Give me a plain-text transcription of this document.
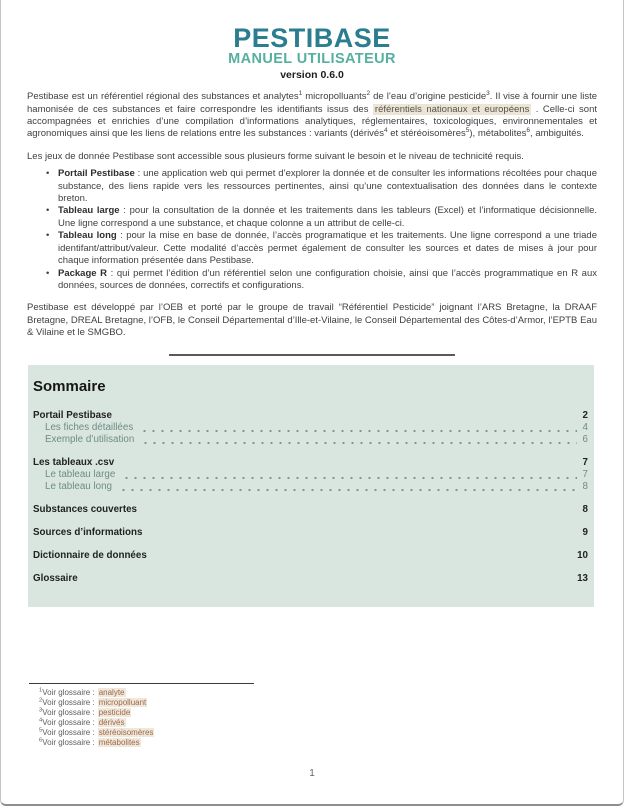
PESTIBASE
MANUEL UTILISATEUR
version 0.6.0

Pestibase est un référentiel régional des substances et analytes$^1$ micropolluants$^2$ de l’eau d’origine pesticide$^3$. Il vise à fournir une liste hamonisée de ces substances et faire correspondre les identifiants issus des référentiels nationaux et européens . Celle-ci sont accompagnées et enrichies d’une compilation d’informations analytiques, réglementaires, toxicologiques, environnementales et agronomiques ainsi que les liens de relations entre les substances : variants (dérivés$^4$ et stéréoisomères$^5$), métabolites$^6$, ambiguités.

Les jeux de donnée Pestibase sont accessible sous plusieurs forme suivant le besoin et le niveau de technicité requis.

• Portail Pestibase : une application web qui permet d’explorer la donnée et de consulter les informations récoltées pour chaque substance, des liens rapide vers les ressources pertinentes, ainsi qu’une contextualisation des données dans le contexte breton.
• Tableau large : pour la consultation de la donnée et les traitements dans les tableurs (Excel) et l’informatique décisionnelle. Une ligne correspond a une substance, et chaque colonne a un attribut de celle-ci.
• Tableau long : pour la mise en base de donnée, l’accès programatique et les traitements. Une ligne correspond a une triade identifant/attribut/valeur. Cette modalité d’accès permet également de consulter les sources et dates de mises à jour pour chaque information présentée dans Pestibase.
• Package R : qui permet l’édition d’un référentiel selon une configuration choisie, ainsi que l’accès programmatique en R aux données, sources de données, correctifs et configurations.

Pestibase est développé par l’OEB et porté par le groupe de travail “Référentiel Pesticide” joignant l’ARS Bretagne, la DRAAF Bretagne, DREAL Bretagne, l’OFB, le Conseil Départemental d’Ille-et-Vilaine, le Conseil Départemental des Côtes-d’Armor, l’EPTB Eau & Vilaine et le SMGBO.

Sommaire
Portail Pestibase	2
Les fiches détaillées	4
Exemple d’utilisation	6
Les tableaux .csv	7
Le tableau large	7
Le tableau long	8
Substances couvertes	8
Sources d’informations	9
Dictionnaire de données	10
Glossaire	13
$^1$Voir glossaire : analyte
$^2$Voir glossaire : micropolluant
$^3$Voir glossaire : pesticide
$^4$Voir glossaire : dérivés
$^5$Voir glossaire : stéréoisomères
$^6$Voir glossaire : métabolites
1
